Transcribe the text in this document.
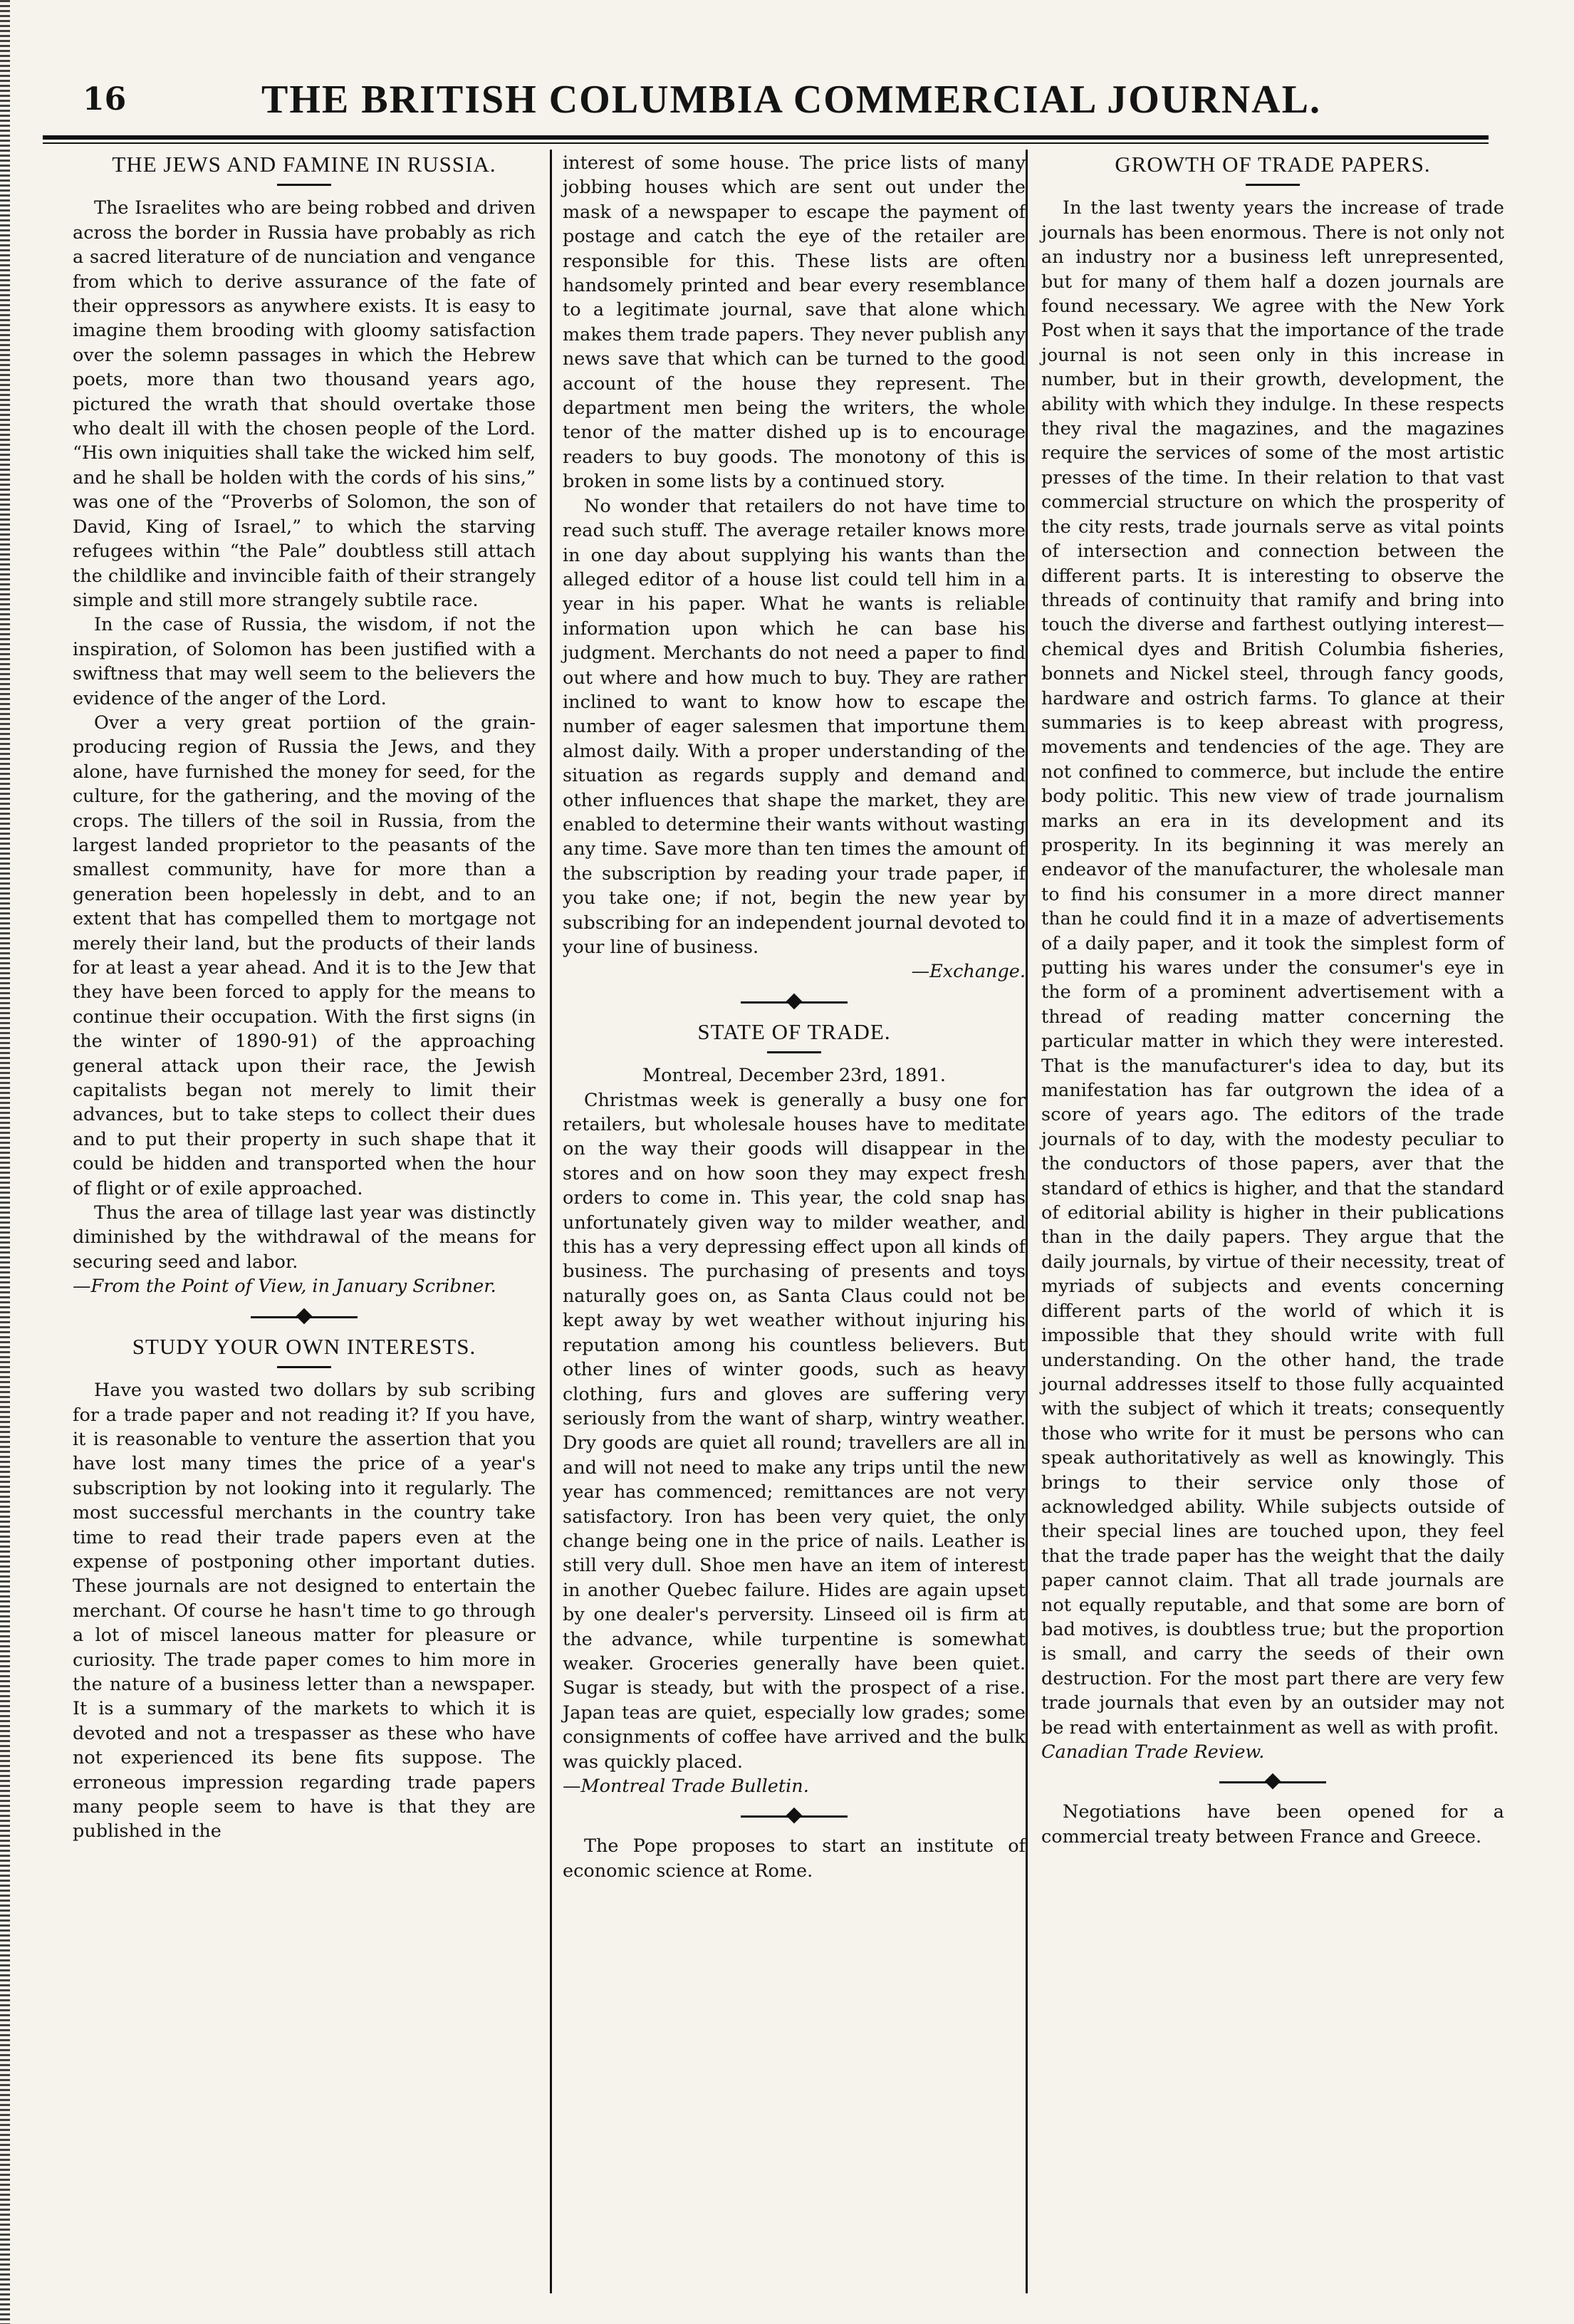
16	THE BRITISH COLUMBIA COMMERCIAL JOURNAL.
THE JEWS AND FAMINE IN RUSSIA.

The Israelites who are being robbed and driven across the border in Russia have probably as rich a sacred literature of de nunciation and vengance from which to derive assurance of the fate of their oppressors as anywhere exists. It is easy to imagine them brooding with gloomy satisfaction over the solemn passages in which the Hebrew poets, more than two thousand years ago, pictured the wrath that should overtake those who dealt ill with the chosen people of the Lord. “His own iniquities shall take the wicked him self, and he shall be holden with the cords of his sins,” was one of the “Proverbs of Solomon, the son of David, King of Israel,” to which the starving refugees within “the Pale” doubtless still attach the childlike and invincible faith of their strangely simple and still more strangely subtile race.

In the case of Russia, the wisdom, if not the inspiration, of Solomon has been justified with a swiftness that may well seem to the believers the evidence of the anger of the Lord.

Over a very great portiion of the grain-producing region of Russia the Jews, and they alone, have furnished the money for seed, for the culture, for the gathering, and the moving of the crops. The tillers of the soil in Russia, from the largest landed proprietor to the peasants of the smallest community, have for more than a generation been hopelessly in debt, and to an extent that has compelled them to mortgage not merely their land, but the products of their lands for at least a year ahead. And it is to the Jew that they have been forced to apply for the means to continue their occupation. With the first signs (in the winter of 1890-91) of the approaching general attack upon their race, the Jewish capitalists began not merely to limit their advances, but to take steps to collect their dues and to put their property in such shape that it could be hidden and transported when the hour of flight or of exile approached.

Thus the area of tillage last year was distinctly diminished by the withdrawal of the means for securing seed and labor.

—From the Point of View, in January Scribner.

STUDY YOUR OWN INTERESTS.

Have you wasted two dollars by sub scribing for a trade paper and not reading it? If you have, it is reasonable to venture the assertion that you have lost many times the price of a year's subscription by not looking into it regularly. The most successful merchants in the country take time to read their trade papers even at the expense of postponing other important duties. These journals are not designed to entertain the merchant. Of course he hasn't time to go through a lot of miscel laneous matter for pleasure or curiosity. The trade paper comes to him more in the nature of a business letter than a newspaper. It is a summary of the markets to which it is devoted and not a trespasser as these who have not experienced its bene fits suppose. The erroneous impression regarding trade papers many people seem to have is that they are published in the

interest of some house. The price lists of many jobbing houses which are sent out under the mask of a newspaper to escape the payment of postage and catch the eye of the retailer are responsible for this. These lists are often handsomely printed and bear every resemblance to a legitimate journal, save that alone which makes them trade papers. They never publish any news save that which can be turned to the good account of the house they represent. The department men being the writers, the whole tenor of the matter dished up is to encourage readers to buy goods. The monotony of this is broken in some lists by a continued story.

No wonder that retailers do not have time to read such stuff. The average retailer knows more in one day about supplying his wants than the alleged editor of a house list could tell him in a year in his paper. What he wants is reliable information upon which he can base his judgment. Merchants do not need a paper to find out where and how much to buy. They are rather inclined to want to know how to escape the number of eager salesmen that importune them almost daily. With a proper understanding of the situation as regards supply and demand and other influences that shape the market, they are enabled to determine their wants without wasting any time. Save more than ten times the amount of the subscription by reading your trade paper, if you take one; if not, begin the new year by subscribing for an independent journal devoted to your line of business.

—Exchange.

STATE OF TRADE.

Montreal, December 23rd, 1891.

Christmas week is generally a busy one for retailers, but wholesale houses have to meditate on the way their goods will disappear in the stores and on how soon they may expect fresh orders to come in. This year, the cold snap has unfortunately given way to milder weather, and this has a very depressing effect upon all kinds of business. The purchasing of presents and toys naturally goes on, as Santa Claus could not be kept away by wet weather without injuring his reputation among his countless believers. But other lines of winter goods, such as heavy clothing, furs and gloves are suffering very seriously from the want of sharp, wintry weather. Dry goods are quiet all round; travellers are all in and will not need to make any trips until the new year has commenced; remittances are not very satisfactory. Iron has been very quiet, the only change being one in the price of nails. Leather is still very dull. Shoe men have an item of interest in another Quebec failure. Hides are again upset by one dealer's perversity. Linseed oil is firm at the advance, while turpentine is somewhat weaker. Groceries generally have been quiet. Sugar is steady, but with the prospect of a rise. Japan teas are quiet, especially low grades; some consignments of coffee have arrived and the bulk was quickly placed.

—Montreal Trade Bulletin.

The Pope proposes to start an institute of economic science at Rome.

GROWTH OF TRADE PAPERS.

In the last twenty years the increase of trade journals has been enormous. There is not only not an industry nor a business left unrepresented, but for many of them half a dozen journals are found necessary. We agree with the New York Post when it says that the importance of the trade journal is not seen only in this increase in number, but in their growth, development, the ability with which they indulge. In these respects they rival the magazines, and the magazines require the services of some of the most artistic presses of the time. In their relation to that vast commercial structure on which the prosperity of the city rests, trade journals serve as vital points of intersection and connection between the different parts. It is interesting to observe the threads of continuity that ramify and bring into touch the diverse and farthest outlying interest—chemical dyes and British Columbia fisheries, bonnets and Nickel steel, through fancy goods, hardware and ostrich farms. To glance at their summaries is to keep abreast with progress, movements and tendencies of the age. They are not confined to commerce, but include the entire body politic. This new view of trade journalism marks an era in its development and its prosperity. In its beginning it was merely an endeavor of the manufacturer, the wholesale man to find his consumer in a more direct manner than he could find it in a maze of advertisements of a daily paper, and it took the simplest form of putting his wares under the consumer's eye in the form of a prominent advertisement with a thread of reading matter concerning the particular matter in which they were interested. That is the manufacturer's idea to day, but its manifestation has far outgrown the idea of a score of years ago. The editors of the trade journals of to day, with the modesty peculiar to the conductors of those papers, aver that the standard of ethics is higher, and that the standard of editorial ability is higher in their publications than in the daily papers. They argue that the daily journals, by virtue of their necessity, treat of myriads of subjects and events concerning different parts of the world of which it is impossible that they should write with full understanding. On the other hand, the trade journal addresses itself to those fully acquainted with the subject of which it treats; consequently those who write for it must be persons who can speak authoritatively as well as knowingly. This brings to their service only those of acknowledged ability. While subjects outside of their special lines are touched upon, they feel that the trade paper has the weight that the daily paper cannot claim. That all trade journals are not equally reputable, and that some are born of bad motives, is doubtless true; but the proportion is small, and carry the seeds of their own destruction. For the most part there are very few trade journals that even by an outsider may not be read with entertainment as well as with profit.

Canadian Trade Review.

Negotiations have been opened for a commercial treaty between France and Greece.
